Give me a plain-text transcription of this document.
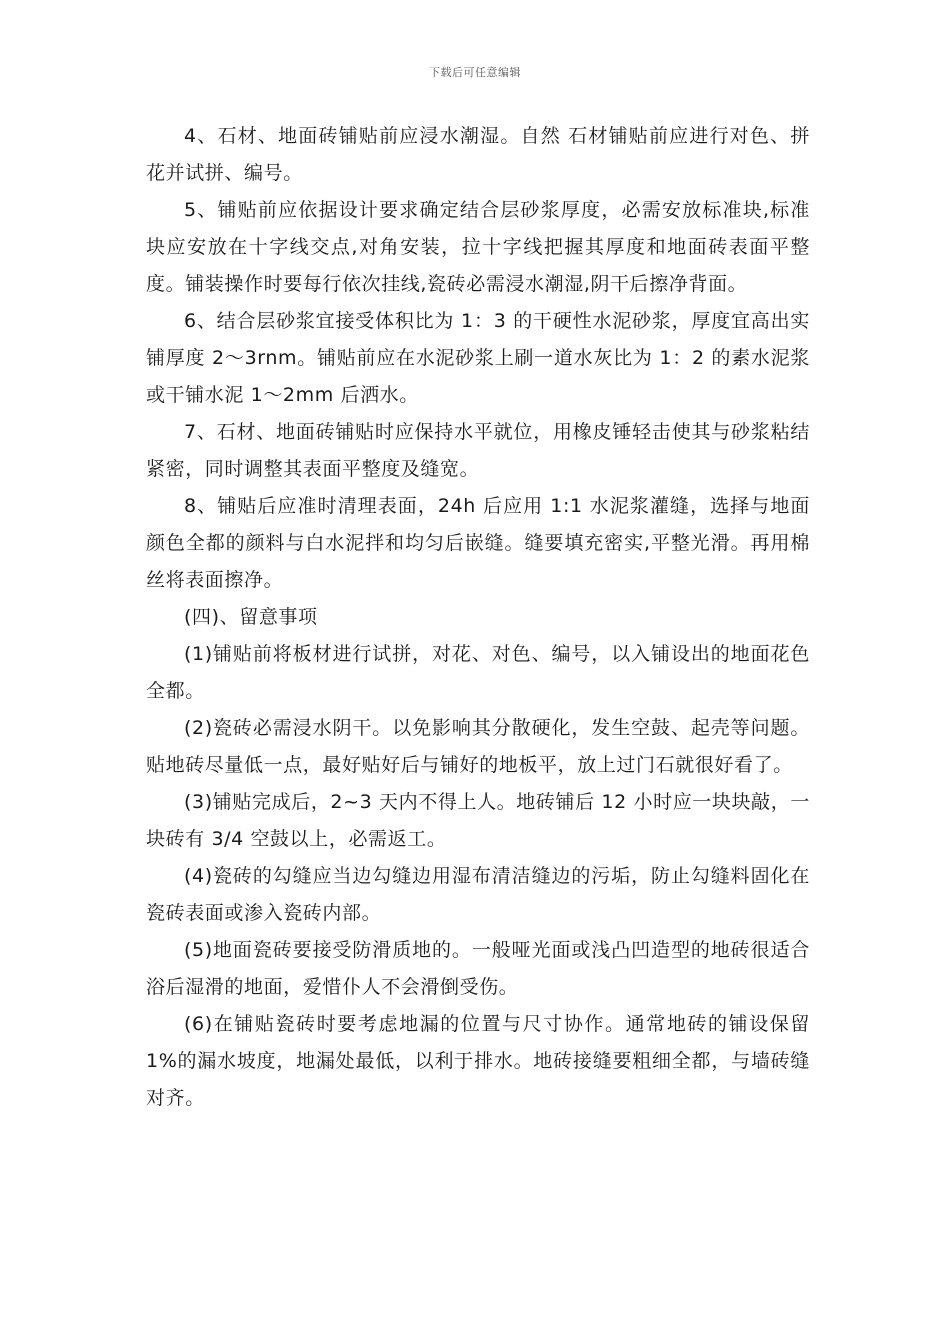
下载后可任意编辑

4、石材、地面砖铺贴前应浸水潮湿。自然 石材铺贴前应进行对色、拼花并试拼、编号。

5、铺贴前应依据设计要求确定结合层砂浆厚度，必需安放标准块,标准块应安放在十字线交点,对角安装，拉十字线把握其厚度和地面砖表面平整度。铺装操作时要每行依次挂线,瓷砖必需浸水潮湿,阴干后擦净背面。

6、结合层砂浆宜接受体积比为 1：3 的干硬性水泥砂浆，厚度宜高出实铺厚度 2～3rnm。铺贴前应在水泥砂浆上刷一道水灰比为 1：2 的素水泥浆或干铺水泥 1～2mm 后洒水。

7、石材、地面砖铺贴时应保持水平就位，用橡皮锤轻击使其与砂浆粘结紧密，同时调整其表面平整度及缝宽。

8、铺贴后应准时清理表面，24h 后应用 1:1 水泥浆灌缝，选择与地面颜色全都的颜料与白水泥拌和均匀后嵌缝。缝要填充密实,平整光滑。再用棉丝将表面擦净。

(四)、留意事项

(1)铺贴前将板材进行试拼，对花、对色、编号，以入铺设出的地面花色全都。

(2)瓷砖必需浸水阴干。以免影响其分散硬化，发生空鼓、起壳等问题。贴地砖尽量低一点，最好贴好后与铺好的地板平，放上过门石就很好看了。

(3)铺贴完成后，2~3 天内不得上人。地砖铺后 12 小时应一块块敲，一块砖有 3/4 空鼓以上，必需返工。

(4)瓷砖的勾缝应当边勾缝边用湿布清洁缝边的污垢，防止勾缝料固化在瓷砖表面或渗入瓷砖内部。

(5)地面瓷砖要接受防滑质地的。一般哑光面或浅凸凹造型的地砖很适合浴后湿滑的地面，爱惜仆人不会滑倒受伤。

(6)在铺贴瓷砖时要考虑地漏的位置与尺寸协作。通常地砖的铺设保留 1%的漏水坡度，地漏处最低，以利于排水。地砖接缝要粗细全都，与墙砖缝对齐。
